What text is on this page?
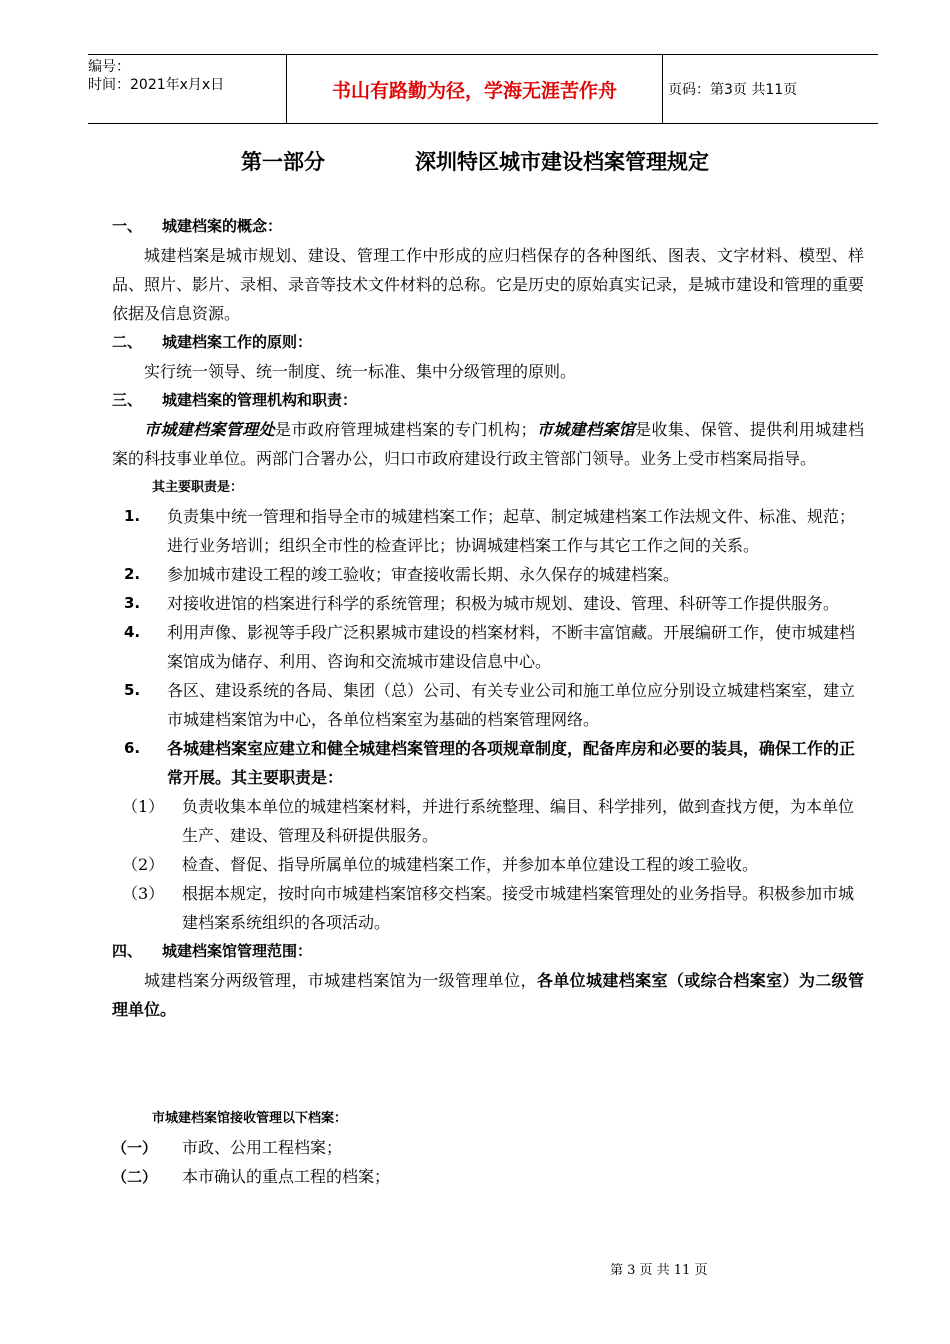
编号：
时间：2021年x月x日	书山有路勤为径，学海无涯苦作舟	页码：第3页 共11页
第一部分	深圳特区城市建设档案管理规定
一、 城建档案的概念：
城建档案是城市规划、建设、管理工作中形成的应归档保存的各种图纸、图表、文字材料、模型、样品、照片、影片、录相、录音等技术文件材料的总称。它是历史的原始真实记录，是城市建设和管理的重要依据及信息资源。
二、 城建档案工作的原则：
实行统一领导、统一制度、统一标准、集中分级管理的原则。
三、 城建档案的管理机构和职责：
市城建档案管理处是市政府管理城建档案的专门机构；市城建档案馆是收集、保管、提供利用城建档案的科技事业单位。两部门合署办公，归口市政府建设行政主管部门领导。业务上受市档案局指导。
其主要职责是：
1. 负责集中统一管理和指导全市的城建档案工作；起草、制定城建档案工作法规文件、标准、规范；进行业务培训；组织全市性的检查评比；协调城建档案工作与其它工作之间的关系。
2. 参加城市建设工程的竣工验收；审查接收需长期、永久保存的城建档案。
3. 对接收进馆的档案进行科学的系统管理；积极为城市规划、建设、管理、科研等工作提供服务。
4. 利用声像、影视等手段广泛积累城市建设的档案材料，不断丰富馆藏。开展编研工作，使市城建档案馆成为储存、利用、咨询和交流城市建设信息中心。
5. 各区、建设系统的各局、集团（总）公司、有关专业公司和施工单位应分别设立城建档案室，建立市城建档案馆为中心，各单位档案室为基础的档案管理网络。
6. 各城建档案室应建立和健全城建档案管理的各项规章制度，配备库房和必要的装具，确保工作的正常开展。其主要职责是：
（1） 负责收集本单位的城建档案材料，并进行系统整理、编目、科学排列，做到查找方便，为本单位生产、建设、管理及科研提供服务。
（2） 检查、督促、指导所属单位的城建档案工作，并参加本单位建设工程的竣工验收。
（3） 根据本规定，按时向市城建档案馆移交档案。接受市城建档案管理处的业务指导。积极参加市城建档案系统组织的各项活动。
四、 城建档案馆管理范围：
城建档案分两级管理，市城建档案馆为一级管理单位，各单位城建档案室（或综合档案室）为二级管理单位。
市城建档案馆接收管理以下档案：
（一） 市政、公用工程档案；
（二） 本市确认的重点工程的档案；
第 3 页 共 11 页
